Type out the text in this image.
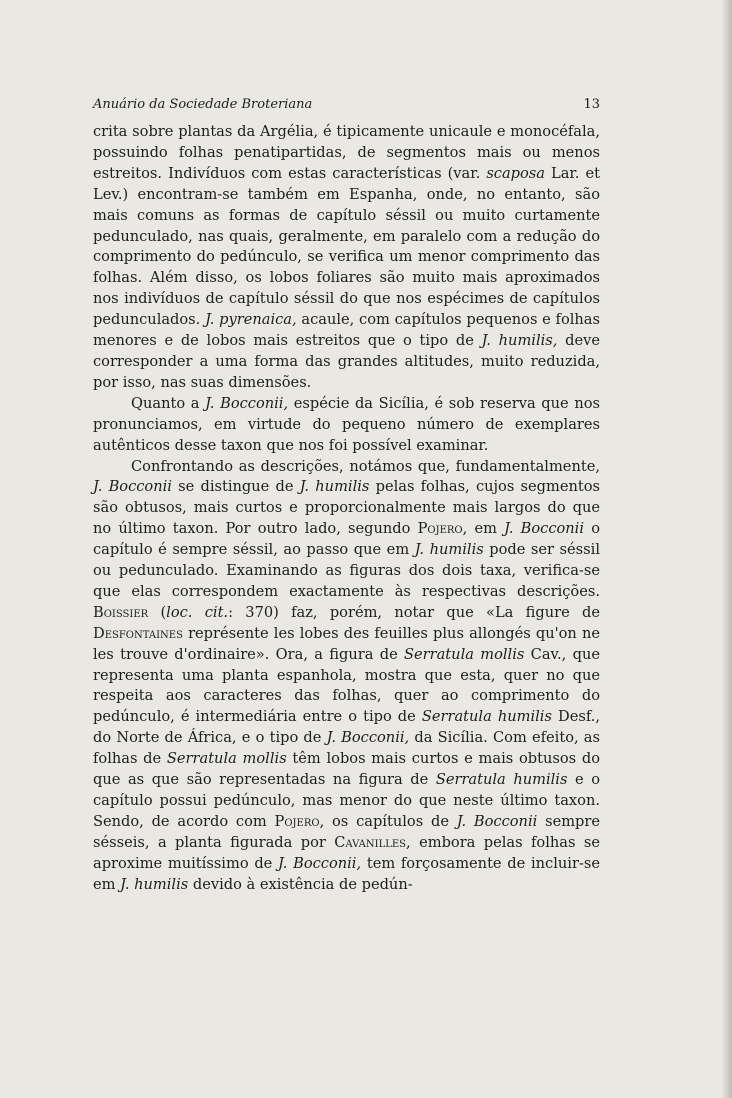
Anuário da Sociedade Broteriana	13

crita sobre plantas da Argélia, é tipicamente unicaule e monocéfala, possuindo folhas penatipartidas, de segmentos mais ou menos estreitos. Indivíduos com estas características (var. scaposa Lar. et Lev.) encontram-se também em Espanha, onde, no entanto, são mais comuns as formas de capítulo séssil ou muito curtamente pedunculado, nas quais, geralmente, em paralelo com a redução do comprimento do pedúnculo, se verifica um menor comprimento das folhas. Além disso, os lobos foliares são muito mais aproximados nos indivíduos de capítulo séssil do que nos espécimes de capítulos pedunculados. J. pyrenaica, acaule, com capítulos pequenos e folhas menores e de lobos mais estreitos que o tipo de J. humilis, deve corresponder a uma forma das grandes altitudes, muito reduzida, por isso, nas suas dimensões.

Quanto a J. Bocconii, espécie da Sicília, é sob reserva que nos pronunciamos, em virtude do pequeno número de exemplares autênticos desse taxon que nos foi possível examinar.

Confrontando as descrições, notámos que, fundamentalmente, J. Bocconii se distingue de J. humilis pelas folhas, cujos segmentos são obtusos, mais curtos e proporcionalmente mais largos do que no último taxon. Por outro lado, segundo Pojero, em J. Bocconii o capítulo é sempre séssil, ao passo que em J. humilis pode ser séssil ou pedunculado. Examinando as figuras dos dois taxa, verifica-se que elas correspondem exactamente às respectivas descrições. Boissier (loc. cit.: 370) faz, porém, notar que «La figure de Desfontaines représente les lobes des feuilles plus allongés qu'on ne les trouve d'ordinaire». Ora, a figura de Serratula mollis Cav., que representa uma planta espanhola, mostra que esta, quer no que respeita aos caracteres das folhas, quer ao comprimento do pedúnculo, é intermediária entre o tipo de Serratula humilis Desf., do Norte de África, e o tipo de J. Bocconii, da Sicília. Com efeito, as folhas de Serratula mollis têm lobos mais curtos e mais obtusos do que as que são representadas na figura de Serratula humilis e o capítulo possui pedúnculo, mas menor do que neste último taxon. Sendo, de acordo com Pojero, os capítulos de J. Bocconii sempre sésseis, a planta figurada por Cavanilles, embora pelas folhas se aproxime muitíssimo de J. Bocconii, tem forçosamente de incluir-se em J. humilis devido à existência de pedún-
